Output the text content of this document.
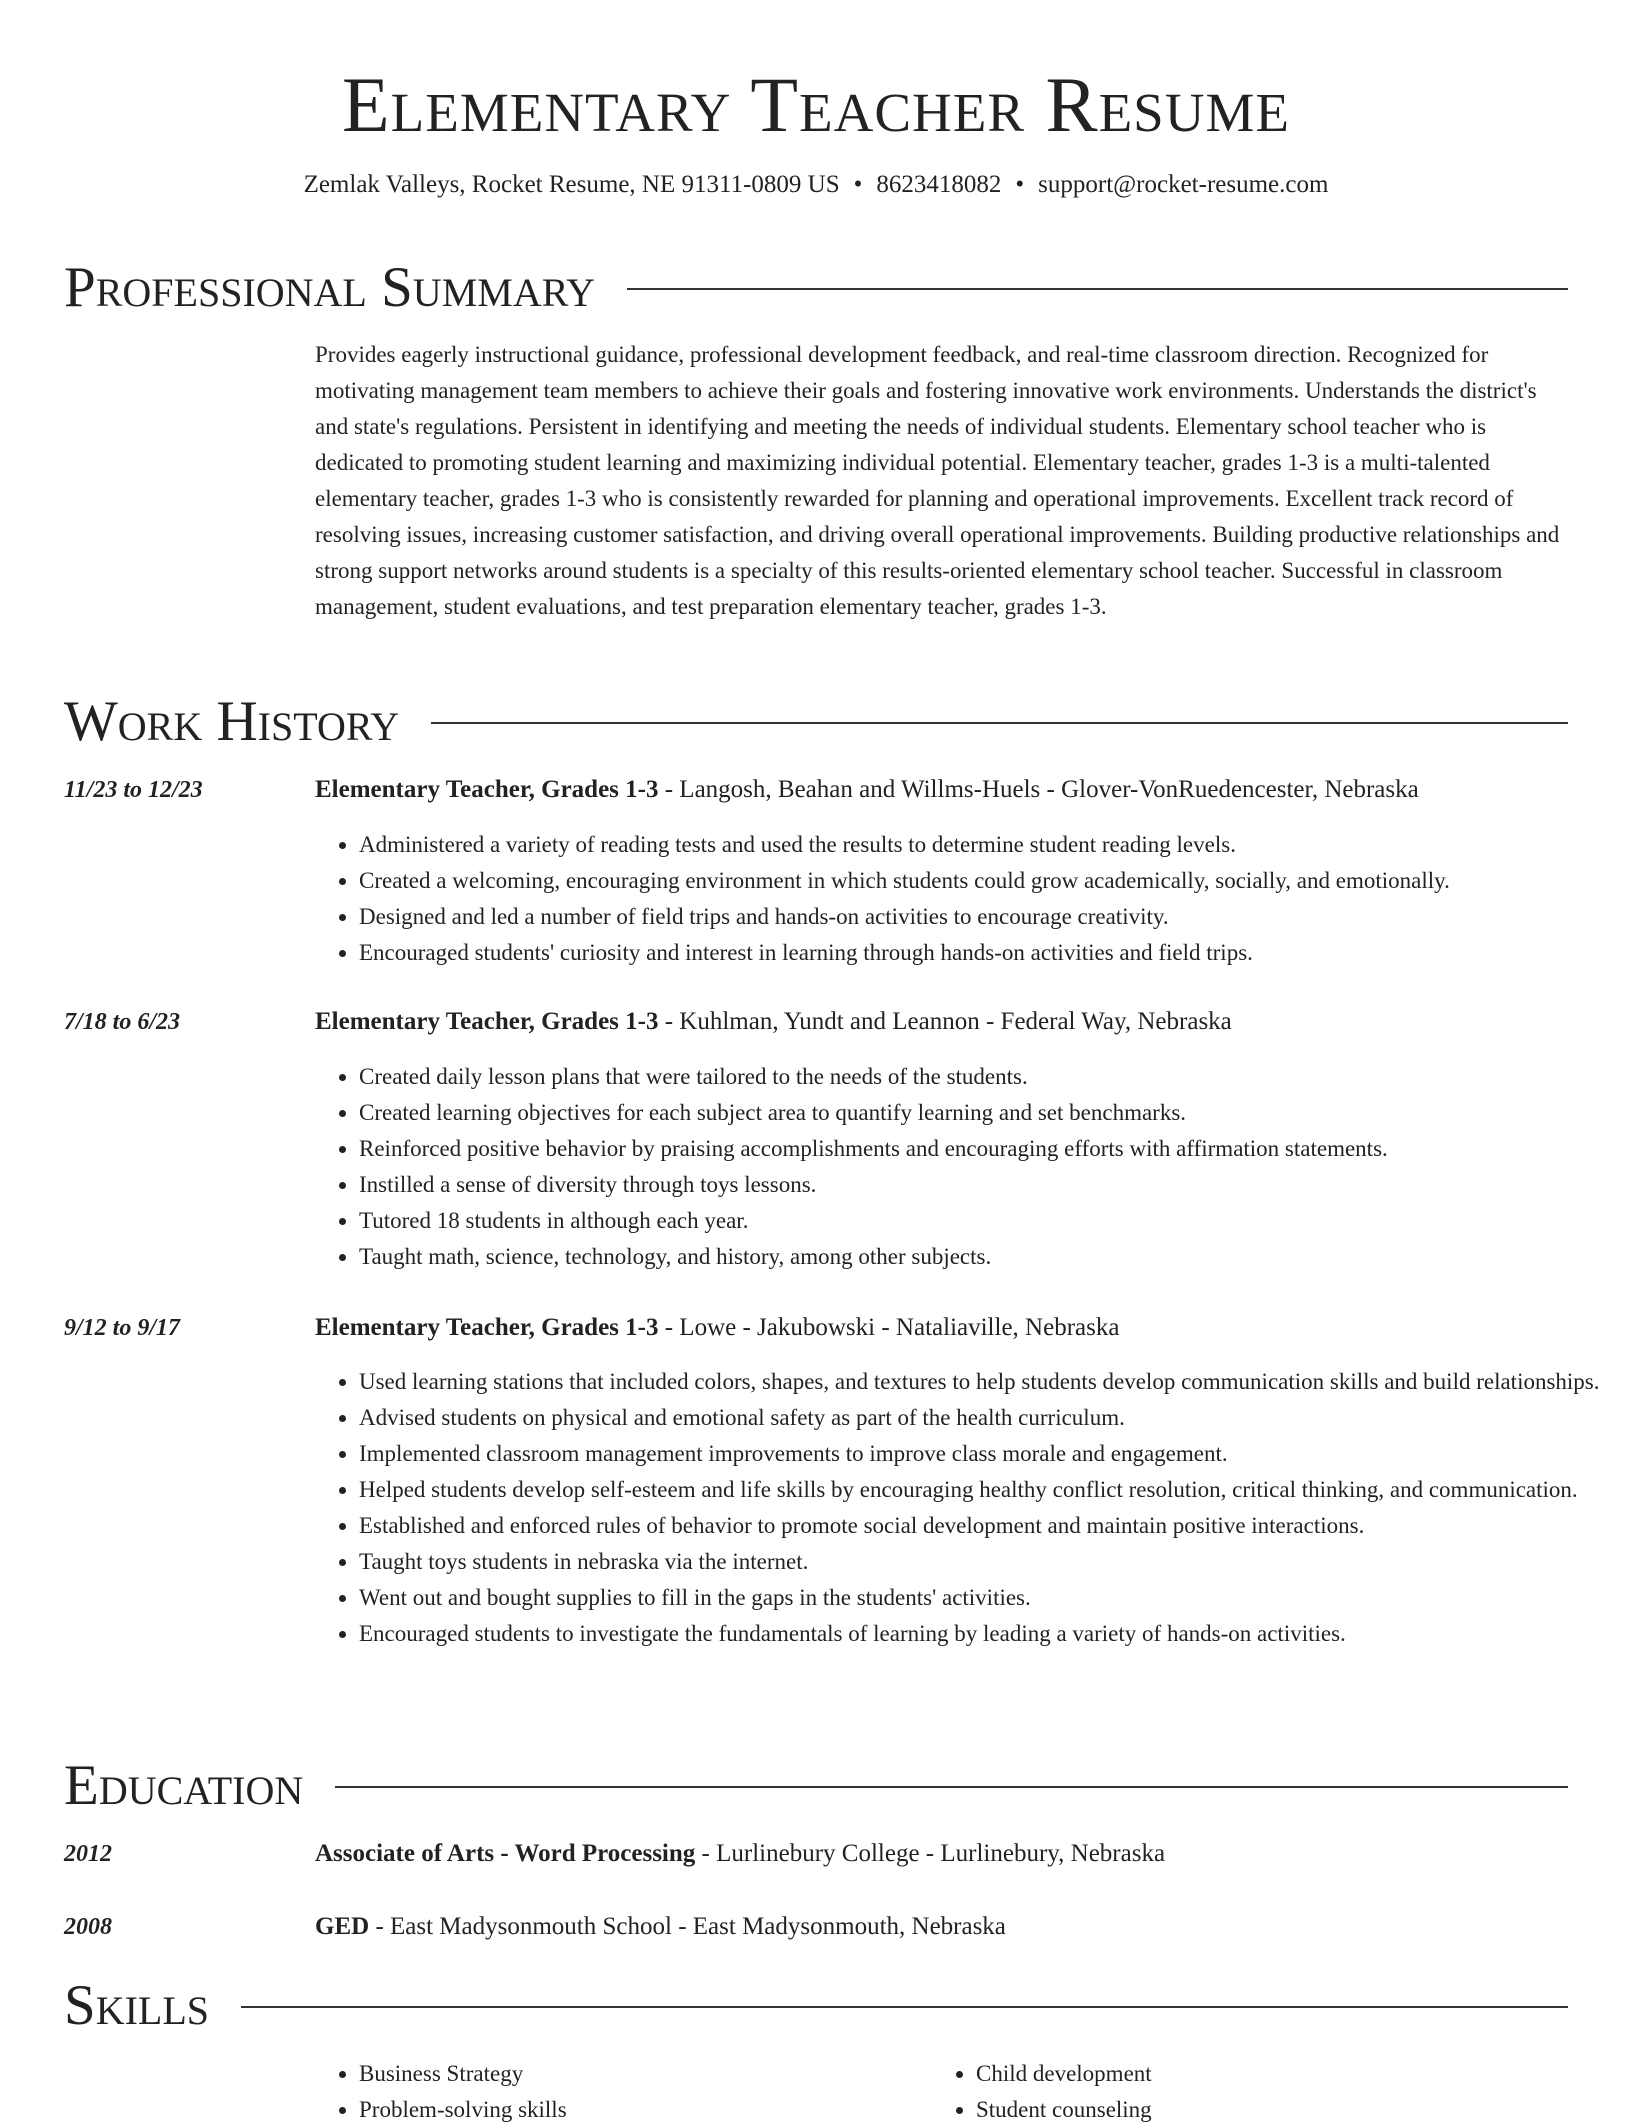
Elementary Teacher Resume
Zemlak Valleys, Rocket Resume, NE 91311-0809 US • 8623418082 • support@rocket-resume.com
Professional Summary

Provides eagerly instructional guidance, professional development feedback, and real-time classroom direction. Recognized for motivating management team members to achieve their goals and fostering innovative work environments. Understands the district's and state's regulations. Persistent in identifying and meeting the needs of individual students. Elementary school teacher who is dedicated to promoting student learning and maximizing individual potential. Elementary teacher, grades 1-3 is a multi-talented elementary teacher, grades 1-3 who is consistently rewarded for planning and operational improvements. Excellent track record of resolving issues, increasing customer satisfaction, and driving overall operational improvements. Building productive relationships and strong support networks around students is a specialty of this results-oriented elementary school teacher. Successful in classroom management, student evaluations, and test preparation elementary teacher, grades 1-3.

Work History
11/23 to 12/23	Elementary Teacher, Grades 1-3 - Langosh, Beahan and Willms-Huels - Glover-VonRuedencester, Nebraska
• Administered a variety of reading tests and used the results to determine student reading levels.
• Created a welcoming, encouraging environment in which students could grow academically, socially, and emotionally.
• Designed and led a number of field trips and hands-on activities to encourage creativity.
• Encouraged students' curiosity and interest in learning through hands-on activities and field trips.
7/18 to 6/23	Elementary Teacher, Grades 1-3 - Kuhlman, Yundt and Leannon - Federal Way, Nebraska
• Created daily lesson plans that were tailored to the needs of the students.
• Created learning objectives for each subject area to quantify learning and set benchmarks.
• Reinforced positive behavior by praising accomplishments and encouraging efforts with affirmation statements.
• Instilled a sense of diversity through toys lessons.
• Tutored 18 students in although each year.
• Taught math, science, technology, and history, among other subjects.
9/12 to 9/17	Elementary Teacher, Grades 1-3 - Lowe - Jakubowski - Nataliaville, Nebraska
• Used learning stations that included colors, shapes, and textures to help students develop communication skills and build relationships.
• Advised students on physical and emotional safety as part of the health curriculum.
• Implemented classroom management improvements to improve class morale and engagement.
• Helped students develop self-esteem and life skills by encouraging healthy conflict resolution, critical thinking, and communication.
• Established and enforced rules of behavior to promote social development and maintain positive interactions.
• Taught toys students in nebraska via the internet.
• Went out and bought supplies to fill in the gaps in the students' activities.
• Encouraged students to investigate the fundamentals of learning by leading a variety of hands-on activities.
Education
2012	Associate of Arts - Word Processing - Lurlinebury College - Lurlinebury, Nebraska
2008	GED - East Madysonmouth School - East Madysonmouth, Nebraska
Skills
• Business Strategy
• Problem-solving skills
• Child development
• Student counseling
